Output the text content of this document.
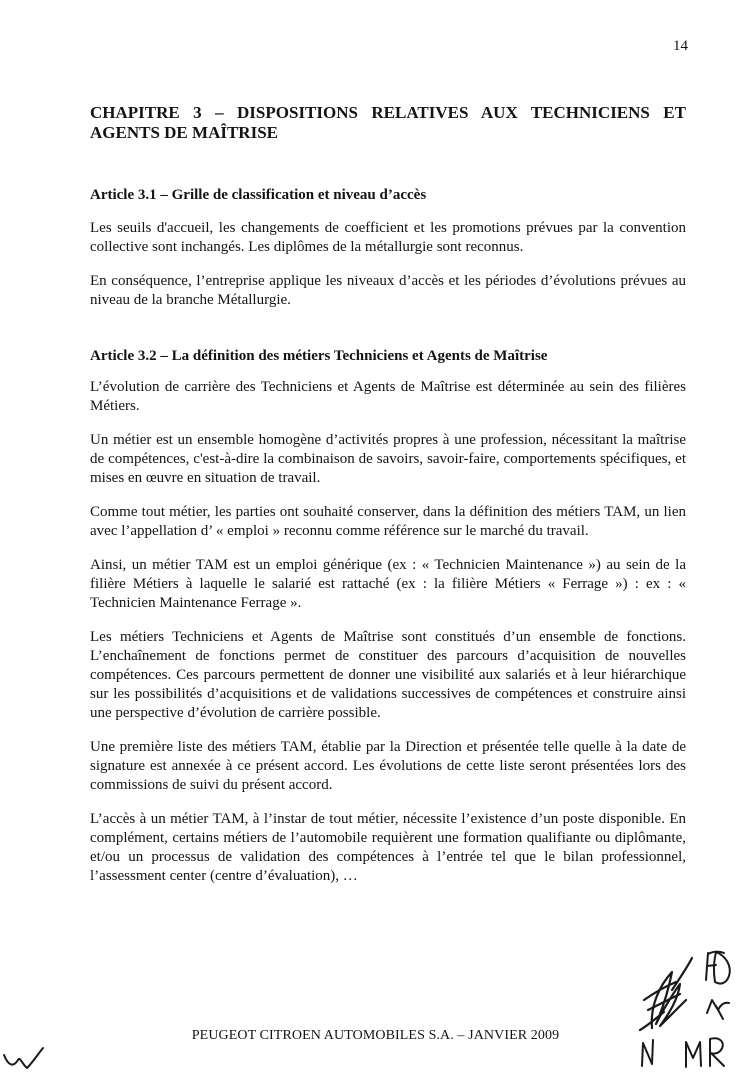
14
CHAPITRE 3 – DISPOSITIONS RELATIVES AUX TECHNICIENS ET AGENTS DE MAÎTRISE
Article 3.1 – Grille de classification et niveau d’accès

Les seuils d'accueil, les changements de coefficient et les promotions prévues par la convention collective sont inchangés. Les diplômes de la métallurgie sont reconnus.

En conséquence, l’entreprise applique les niveaux d’accès et les périodes d’évolutions prévues au niveau de la branche Métallurgie.

Article 3.2 – La définition des métiers Techniciens et Agents de Maîtrise

L’évolution de carrière des Techniciens et Agents de Maîtrise est déterminée au sein des filières Métiers.

Un métier est un ensemble homogène d’activités propres à une profession, nécessitant la maîtrise de compétences, c'est-à-dire la combinaison de savoirs, savoir-faire, comportements spécifiques, et mises en œuvre en situation de travail.

Comme tout métier, les parties ont souhaité conserver, dans la définition des métiers TAM, un lien avec l’appellation d’ « emploi » reconnu comme référence sur le marché du travail.

Ainsi, un métier TAM est un emploi générique (ex : « Technicien Maintenance ») au sein de la filière Métiers à laquelle le salarié est rattaché (ex : la filière Métiers « Ferrage ») : ex : « Technicien Maintenance Ferrage ».

Les métiers Techniciens et Agents de Maîtrise sont constitués d’un ensemble de fonctions. L’enchaînement de fonctions permet de constituer des parcours d’acquisition de nouvelles compétences. Ces parcours permettent de donner une visibilité aux salariés et à leur hiérarchique sur les possibilités d’acquisitions et de validations successives de compétences et construire ainsi une perspective d’évolution de carrière possible.

Une première liste des métiers TAM, établie par la Direction et présentée telle quelle à la date de signature est annexée à ce présent accord. Les évolutions de cette liste seront présentées lors des commissions de suivi du présent accord.

L’accès à un métier TAM, à l’instar de tout métier, nécessite l’existence d’un poste disponible. En complément, certains métiers de l’automobile requièrent une formation qualifiante ou diplômante, et/ou un processus de validation des compétences à l’entrée tel que le bilan professionnel, l’assessment center (centre d’évaluation), …

PEUGEOT CITROEN AUTOMOBILES S.A. – JANVIER 2009
